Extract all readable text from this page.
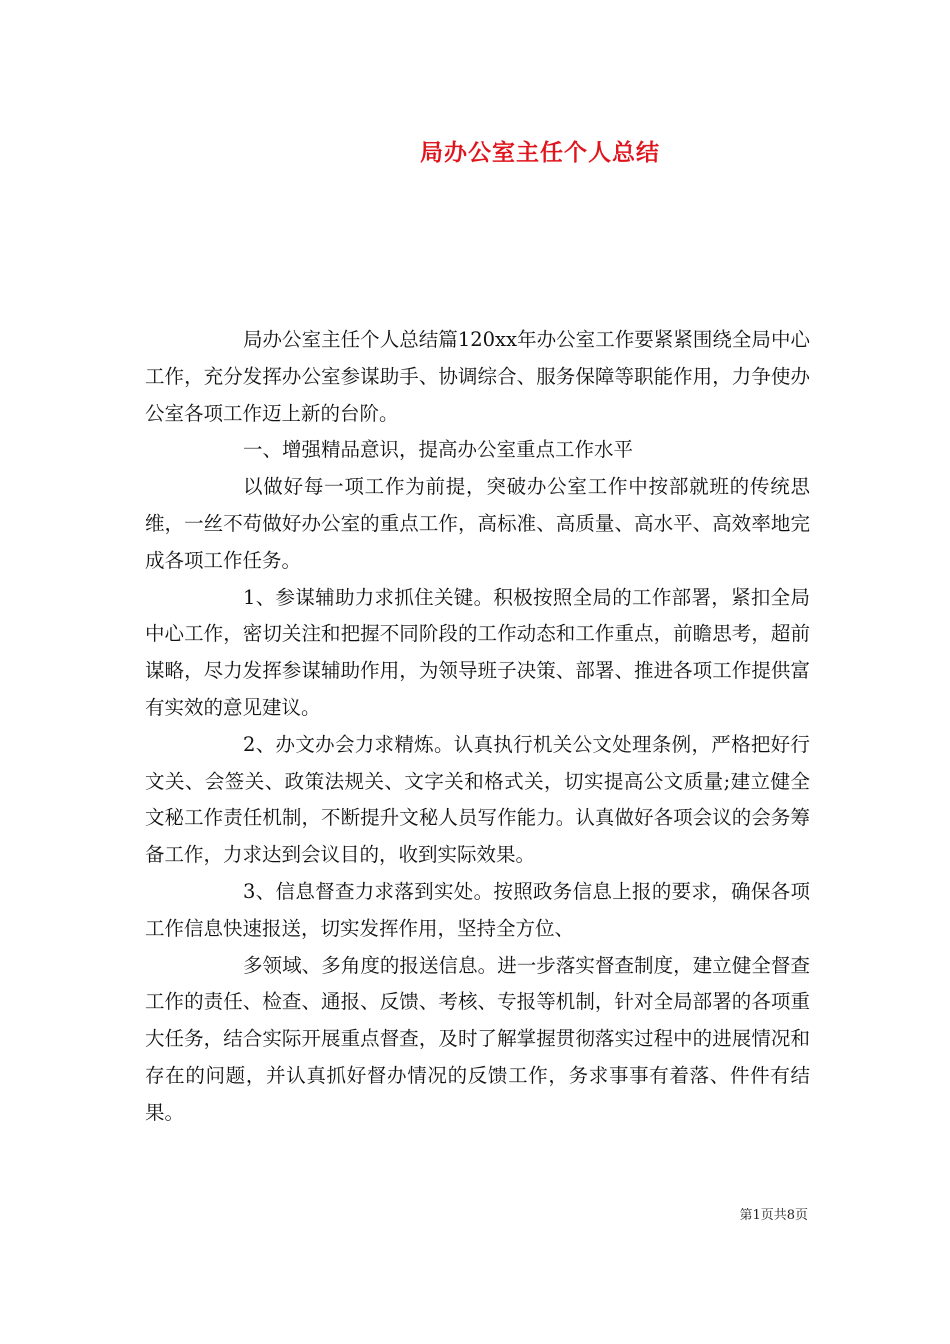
局办公室主任个人总结

局办公室主任个人总结篇120xx年办公室工作要紧紧围绕全局中心工作，充分发挥办公室参谋助手、协调综合、服务保障等职能作用，力争使办公室各项工作迈上新的台阶。

一、增强精品意识，提高办公室重点工作水平

以做好每一项工作为前提，突破办公室工作中按部就班的传统思维，一丝不苟做好办公室的重点工作，高标准、高质量、高水平、高效率地完成各项工作任务。

1、参谋辅助力求抓住关键。积极按照全局的工作部署，紧扣全局中心工作，密切关注和把握不同阶段的工作动态和工作重点，前瞻思考，超前谋略，尽力发挥参谋辅助作用，为领导班子决策、部署、推进各项工作提供富有实效的意见建议。

2、办文办会力求精炼。认真执行机关公文处理条例，严格把好行文关、会签关、政策法规关、文字关和格式关，切实提高公文质量;建立健全文秘工作责任机制，不断提升文秘人员写作能力。认真做好各项会议的会务筹备工作，力求达到会议目的，收到实际效果。

3、信息督查力求落到实处。按照政务信息上报的要求，确保各项工作信息快速报送，切实发挥作用，坚持全方位、

多领域、多角度的报送信息。进一步落实督查制度，建立健全督查工作的责任、检查、通报、反馈、考核、专报等机制，针对全局部署的各项重大任务，结合实际开展重点督查，及时了解掌握贯彻落实过程中的进展情况和存在的问题，并认真抓好督办情况的反馈工作，务求事事有着落、件件有结果。

第1页共8页
